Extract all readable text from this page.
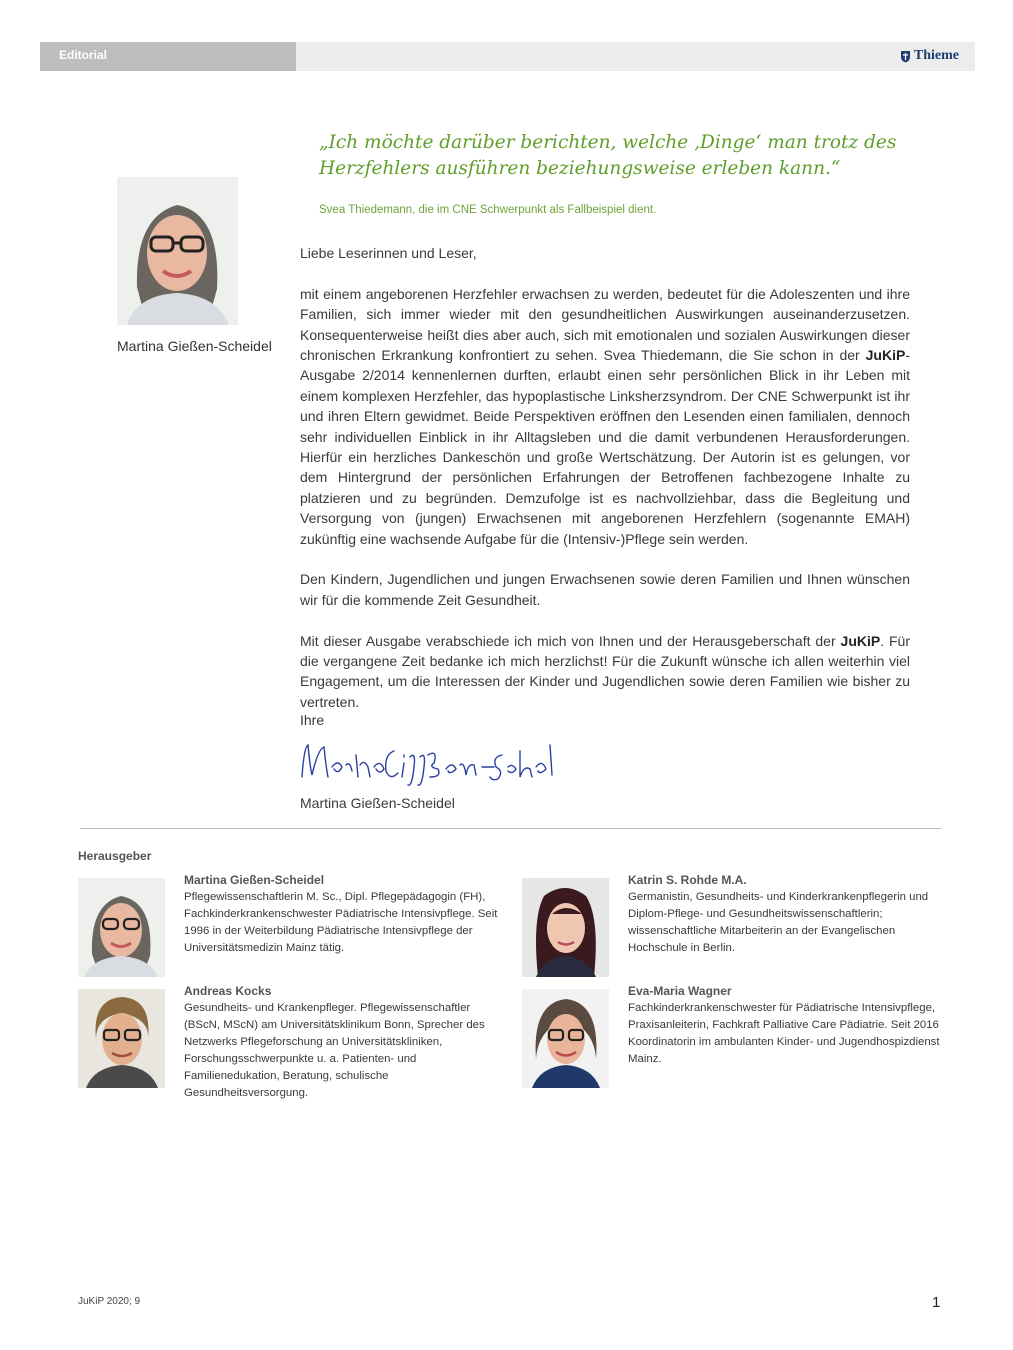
Editorial	Thieme
„Ich möchte darüber berichten, welche ‚Dinge‘ man trotz des Herzfehlers ausführen beziehungsweise erleben kann.“
Svea Thiedemann, die im CNE Schwerpunkt als Fallbeispiel dient.
Martina Gießen-Scheidel
Liebe Leserinnen und Leser,

mit einem angeborenen Herzfehler erwachsen zu werden, bedeutet für die Adoleszenten und ihre Familien, sich immer wieder mit den gesundheitlichen Auswirkungen auseinanderzusetzen. Konsequenterweise heißt dies aber auch, sich mit emotionalen und sozialen Auswirkungen dieser chronischen Erkrankung konfrontiert zu sehen. Svea Thiedemann, die Sie schon in der JuKiP-Ausgabe 2/2014 kennenlernen durften, erlaubt einen sehr persönlichen Blick in ihr Leben mit einem komplexen Herzfehler, das hypoplastische Linksherzsyndrom. Der CNE Schwerpunkt ist ihr und ihren Eltern gewidmet. Beide Perspektiven eröffnen den Lesenden einen familialen, dennoch sehr individuellen Einblick in ihr Alltagsleben und die damit verbundenen Herausforderungen. Hierfür ein herzliches Dankeschön und große Wertschätzung. Der Autorin ist es gelungen, vor dem Hintergrund der persönlichen Erfahrungen der Betroffenen fachbezogene Inhalte zu platzieren und zu begründen. Demzufolge ist es nachvollziehbar, dass die Begleitung und Versorgung von (jungen) Erwachsenen mit angeborenen Herzfehlern (sogenannte EMAH) zukünftig eine wachsende Aufgabe für die (Intensiv-)Pflege sein werden.

Den Kindern, Jugendlichen und jungen Erwachsenen sowie deren Familien und Ihnen wünschen wir für die kommende Zeit Gesundheit.

Mit dieser Ausgabe verabschiede ich mich von Ihnen und der Herausgeberschaft der JuKiP. Für die vergangene Zeit bedanke ich mich herzlichst! Für die Zukunft wünsche ich allen weiterhin viel Engagement, um die Interessen der Kinder und Jugendlichen sowie deren Familien wie bisher zu vertreten.

Ihre
Martina Gießen-Scheidel
Herausgeber
Martina Gießen-Scheidel
Pflegewissenschaftlerin M. Sc., Dipl. Pflegepädagogin (FH), Fachkinderkrankenschwester Pädiatrische Intensivpflege. Seit 1996 in der Weiterbildung Pädiatrische Intensivpflege der Universitätsmedizin Mainz tätig.
Katrin S. Rohde M.A.
Germanistin, Gesundheits- und Kinderkrankenpflegerin und Diplom-Pflege- und Gesundheitswissenschaftlerin; wissenschaftliche Mitarbeiterin an der Evangelischen Hochschule in Berlin.
Andreas Kocks
Gesundheits- und Krankenpfleger. Pflegewissenschaftler (BScN, MScN) am Universitätsklinikum Bonn, Sprecher des Netzwerks Pflegeforschung an Universitätskliniken, Forschungsschwerpunkte u. a. Patienten- und Familienedukation, Beratung, schulische Gesundheitsversorgung.
Eva-Maria Wagner
Fachkinderkrankenschwester für Pädiatrische Intensivpflege, Praxisanleiterin, Fachkraft Palliative Care Pädiatrie. Seit 2016 Koordinatorin im ambulanten Kinder- und Jugendhospizdienst Mainz.
JuKiP 2020; 9	1
